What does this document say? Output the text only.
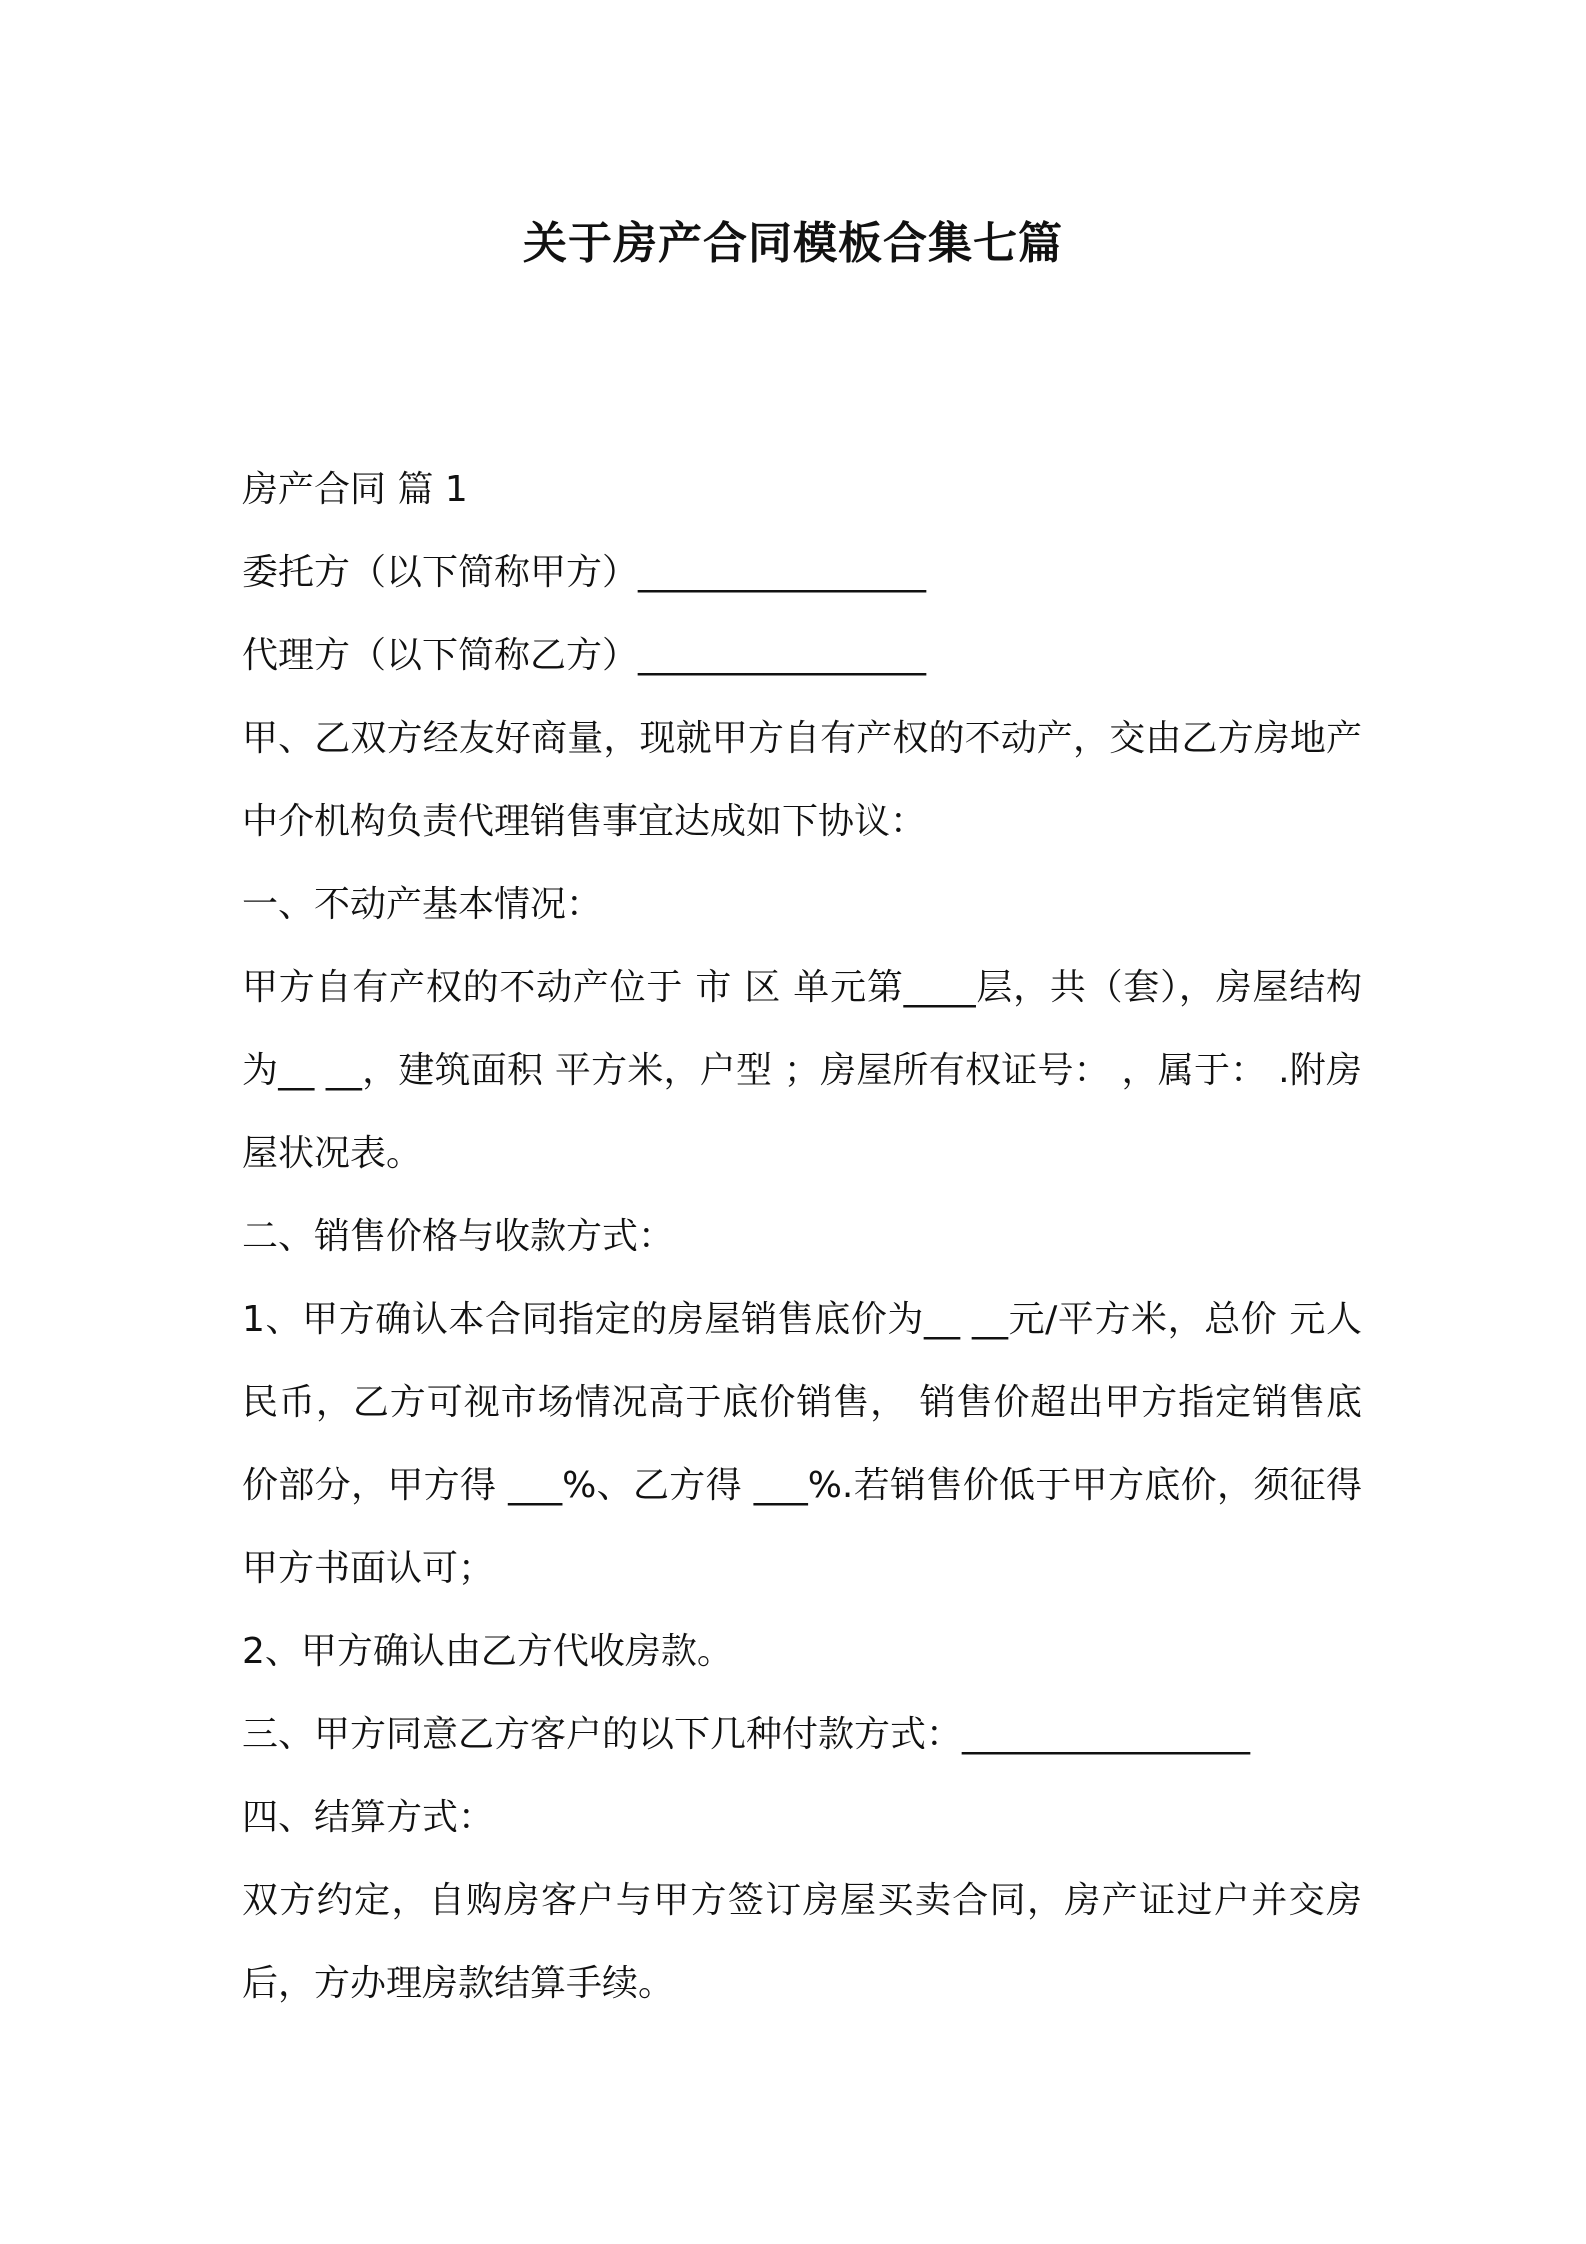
关于房产合同模板合集七篇

房产合同 篇 1

委托方（以下简称甲方）________________

代理方（以下简称乙方）________________

甲、乙双方经友好商量，现就甲方自有产权的不动产，交由乙方房地产中介机构负责代理销售事宜达成如下协议：

一、不动产基本情况：

甲方自有产权的不动产位于 市 区 单元第____层，共（套），房屋结构为__ __，建筑面积 平方米，户型 ；房屋所有权证号： ，属于： .附房屋状况表。

二、销售价格与收款方式：

1、甲方确认本合同指定的房屋销售底价为__ __元/平方米，总价 元人民币，乙方可视市场情况高于底价销售， 销售价超出甲方指定销售底价部分，甲方得 ___%、乙方得 ___%.若销售价低于甲方底价，须征得甲方书面认可；

2、甲方确认由乙方代收房款。

三、甲方同意乙方客户的以下几种付款方式：________________

四、结算方式：

双方约定，自购房客户与甲方签订房屋买卖合同，房产证过户并交房后，方办理房款结算手续。
